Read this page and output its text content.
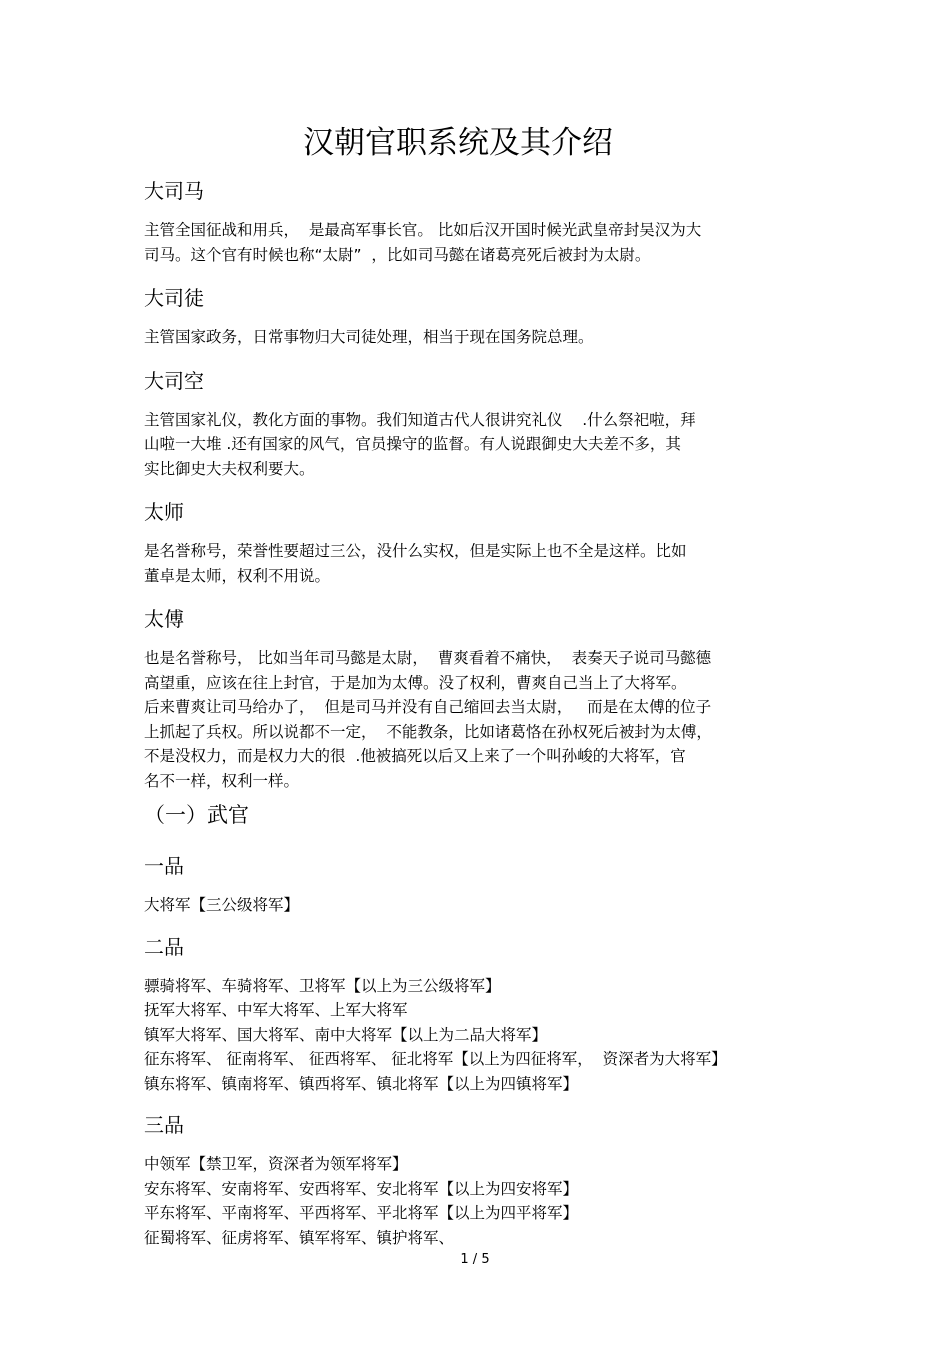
汉朝官职系统及其介绍
大司马
主管全国征战和用兵，  是最高军事长官。 比如后汉开国时候光武皇帝封吴汉为大
司马。这个官有时候也称“太尉”  ，比如司马懿在诸葛亮死后被封为太尉。
大司徒
主管国家政务，日常事物归大司徒处理，相当于现在国务院总理。
大司空
主管国家礼仪，教化方面的事物。我们知道古代人很讲究礼仪    .什么祭祀啦，拜
山啦一大堆 .还有国家的风气，官员操守的监督。有人说跟御史大夫差不多，其
实比御史大夫权利要大。
太师
是名誉称号，荣誉性要超过三公，没什么实权，但是实际上也不全是这样。比如
董卓是太师，权利不用说。
太傅
也是名誉称号， 比如当年司马懿是太尉，  曹爽看着不痛快，  表奏天子说司马懿德
高望重，应该在往上封官，于是加为太傅。没了权利，曹爽自己当上了大将军。
后来曹爽让司马给办了，  但是司马并没有自己缩回去当太尉，   而是在太傅的位子
上抓起了兵权。所以说都不一定，  不能教条，比如诸葛恪在孙权死后被封为太傅，
不是没权力，而是权力大的很  .他被搞死以后又上来了一个叫孙峻的大将军，官
名不一样，权利一样。
（一）武官
一品
大将军【三公级将军】
二品
骠骑将军、车骑将军、卫将军【以上为三公级将军】
抚军大将军、中军大将军、上军大将军
镇军大将军、国大将军、南中大将军【以上为二品大将军】
征东将军、 征南将军、 征西将军、 征北将军【以上为四征将军，  资深者为大将军】
镇东将军、镇南将军、镇西将军、镇北将军【以上为四镇将军】
三品
中领军【禁卫军，资深者为领军将军】
安东将军、安南将军、安西将军、安北将军【以上为四安将军】
平东将军、平南将军、平西将军、平北将军【以上为四平将军】
征蜀将军、征虏将军、镇军将军、镇护将军、
1 / 5
